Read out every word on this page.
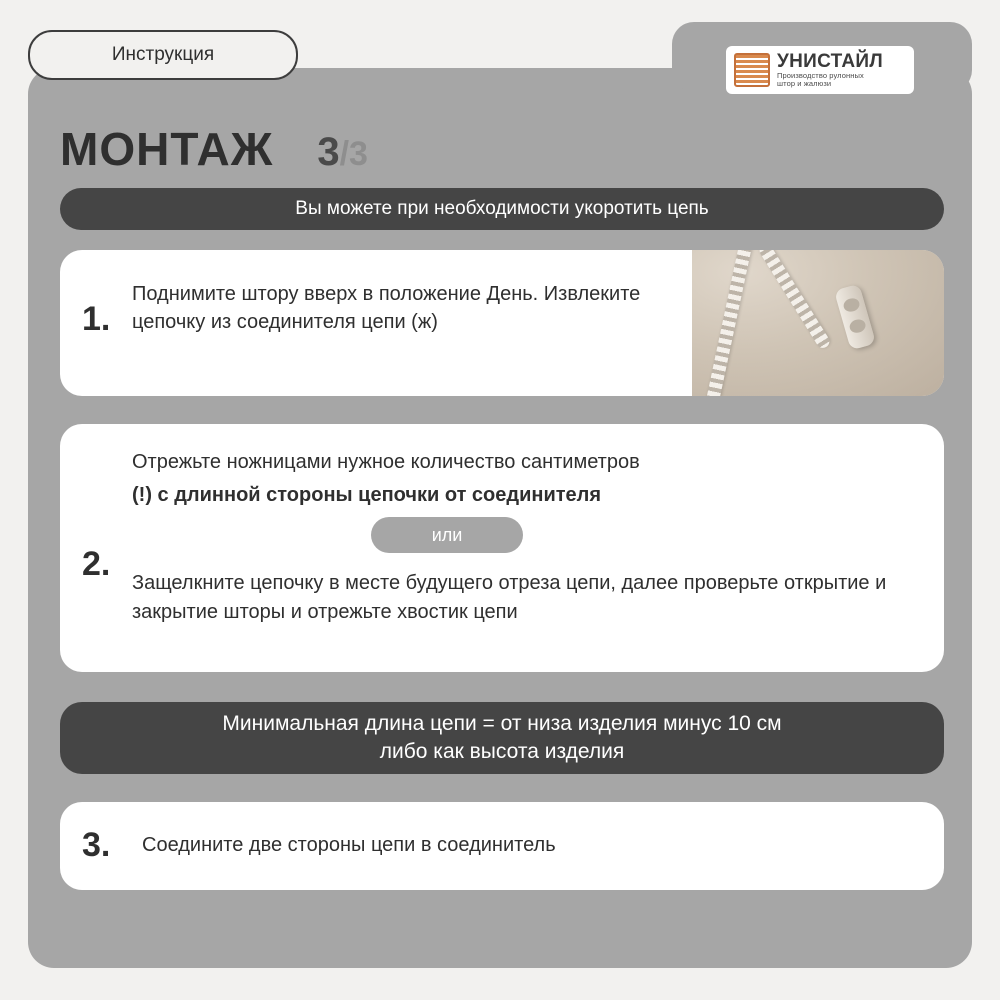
Инструкция	УНИСТАЙЛ
Производство рулонных
штор и жалюзи
МОНТАЖ 3 / 3
Вы можете при необходимости укоротить цепь
1.
Поднимите штору вверх в положение День. Извлеките цепочку из соединителя цепи (ж)
2.
Отрежьте ножницами нужное количество сантиметров
(!) с длинной стороны цепочки от соединителя
или
Защелкните цепочку в месте будущего отреза цепи, далее проверьте открытие и закрытие шторы и отрежьте хвостик цепи
Минимальная длина цепи = от низа изделия минус 10 см
либо как высота изделия
3. Соедините две стороны цепи в соединитель
